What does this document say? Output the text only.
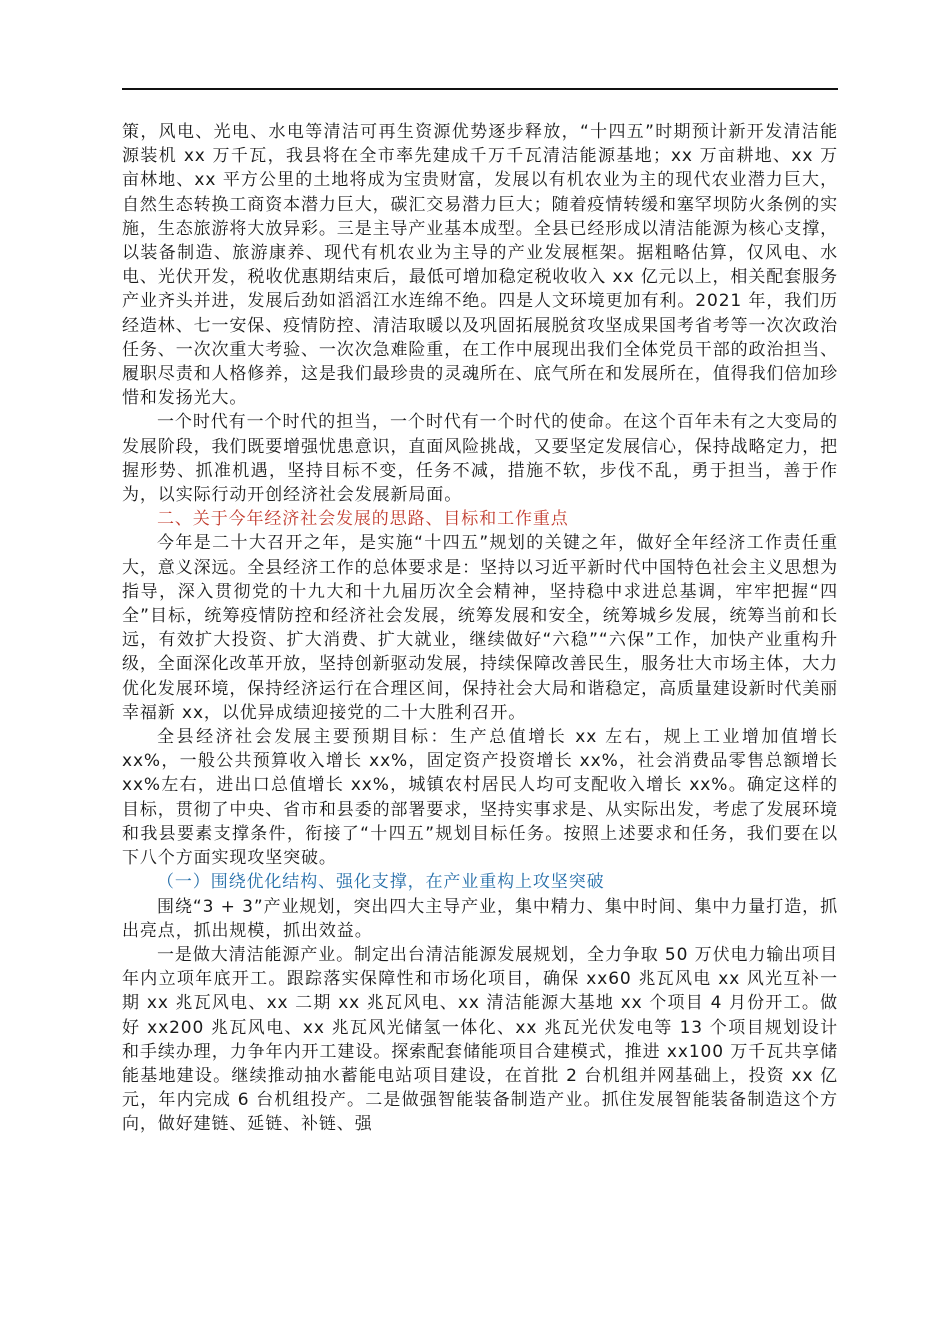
策，风电、光电、水电等清洁可再生资源优势逐步释放，“十四五”时期预计新开发清洁能源装机 xx 万千瓦，我县将在全市率先建成千万千瓦清洁能源基地；xx 万亩耕地、xx 万亩林地、xx 平方公里的土地将成为宝贵财富，发展以有机农业为主的现代农业潜力巨大，自然生态转换工商资本潜力巨大，碳汇交易潜力巨大；随着疫情转缓和塞罕坝防火条例的实施，生态旅游将大放异彩。三是主导产业基本成型。全县已经形成以清洁能源为核心支撑，以装备制造、旅游康养、现代有机农业为主导的产业发展框架。据粗略估算，仅风电、水电、光伏开发，税收优惠期结束后，最低可增加稳定税收收入 xx 亿元以上，相关配套服务产业齐头并进，发展后劲如滔滔江水连绵不绝。四是人文环境更加有利。2021 年，我们历经造林、七一安保、疫情防控、清洁取暖以及巩固拓展脱贫攻坚成果国考省考等一次次政治任务、一次次重大考验、一次次急难险重，在工作中展现出我们全体党员干部的政治担当、履职尽责和人格修养，这是我们最珍贵的灵魂所在、底气所在和发展所在，值得我们倍加珍惜和发扬光大。

一个时代有一个时代的担当，一个时代有一个时代的使命。在这个百年未有之大变局的发展阶段，我们既要增强忧患意识，直面风险挑战，又要坚定发展信心，保持战略定力，把握形势、抓准机遇，坚持目标不变，任务不减，措施不软，步伐不乱，勇于担当，善于作为，以实际行动开创经济社会发展新局面。

二、关于今年经济社会发展的思路、目标和工作重点

今年是二十大召开之年，是实施“十四五”规划的关键之年，做好全年经济工作责任重大，意义深远。全县经济工作的总体要求是：坚持以习近平新时代中国特色社会主义思想为指导，深入贯彻党的十九大和十九届历次全会精神，坚持稳中求进总基调，牢牢把握“四全”目标，统筹疫情防控和经济社会发展，统筹发展和安全，统筹城乡发展，统筹当前和长远，有效扩大投资、扩大消费、扩大就业，继续做好“六稳”“六保”工作，加快产业重构升级，全面深化改革开放，坚持创新驱动发展，持续保障改善民生，服务壮大市场主体，大力优化发展环境，保持经济运行在合理区间，保持社会大局和谐稳定，高质量建设新时代美丽幸福新 xx，以优异成绩迎接党的二十大胜利召开。

全县经济社会发展主要预期目标：生产总值增长 xx 左右，规上工业增加值增长 xx%，一般公共预算收入增长 xx%，固定资产投资增长 xx%，社会消费品零售总额增长 xx%左右，进出口总值增长 xx%，城镇农村居民人均可支配收入增长 xx%。确定这样的目标，贯彻了中央、省市和县委的部署要求，坚持实事求是、从实际出发，考虑了发展环境和我县要素支撑条件，衔接了“十四五”规划目标任务。按照上述要求和任务，我们要在以下八个方面实现攻坚突破。

（一）围绕优化结构、强化支撑，在产业重构上攻坚突破

围绕“3 + 3”产业规划，突出四大主导产业，集中精力、集中时间、集中力量打造，抓出亮点，抓出规模，抓出效益。

一是做大清洁能源产业。制定出台清洁能源发展规划，全力争取 50 万伏电力输出项目年内立项年底开工。跟踪落实保障性和市场化项目，确保 xx60 兆瓦风电 xx 风光互补一期 xx 兆瓦风电、xx 二期 xx 兆瓦风电、xx 清洁能源大基地 xx 个项目 4 月份开工。做好 xx200 兆瓦风电、xx 兆瓦风光储氢一体化、xx 兆瓦光伏发电等 13 个项目规划设计和手续办理，力争年内开工建设。探索配套储能项目合建模式，推进 xx100 万千瓦共享储能基地建设。继续推动抽水蓄能电站项目建设，在首批 2 台机组并网基础上，投资 xx 亿元，年内完成 6 台机组投产。二是做强智能装备制造产业。抓住发展智能装备制造这个方向，做好建链、延链、补链、强
